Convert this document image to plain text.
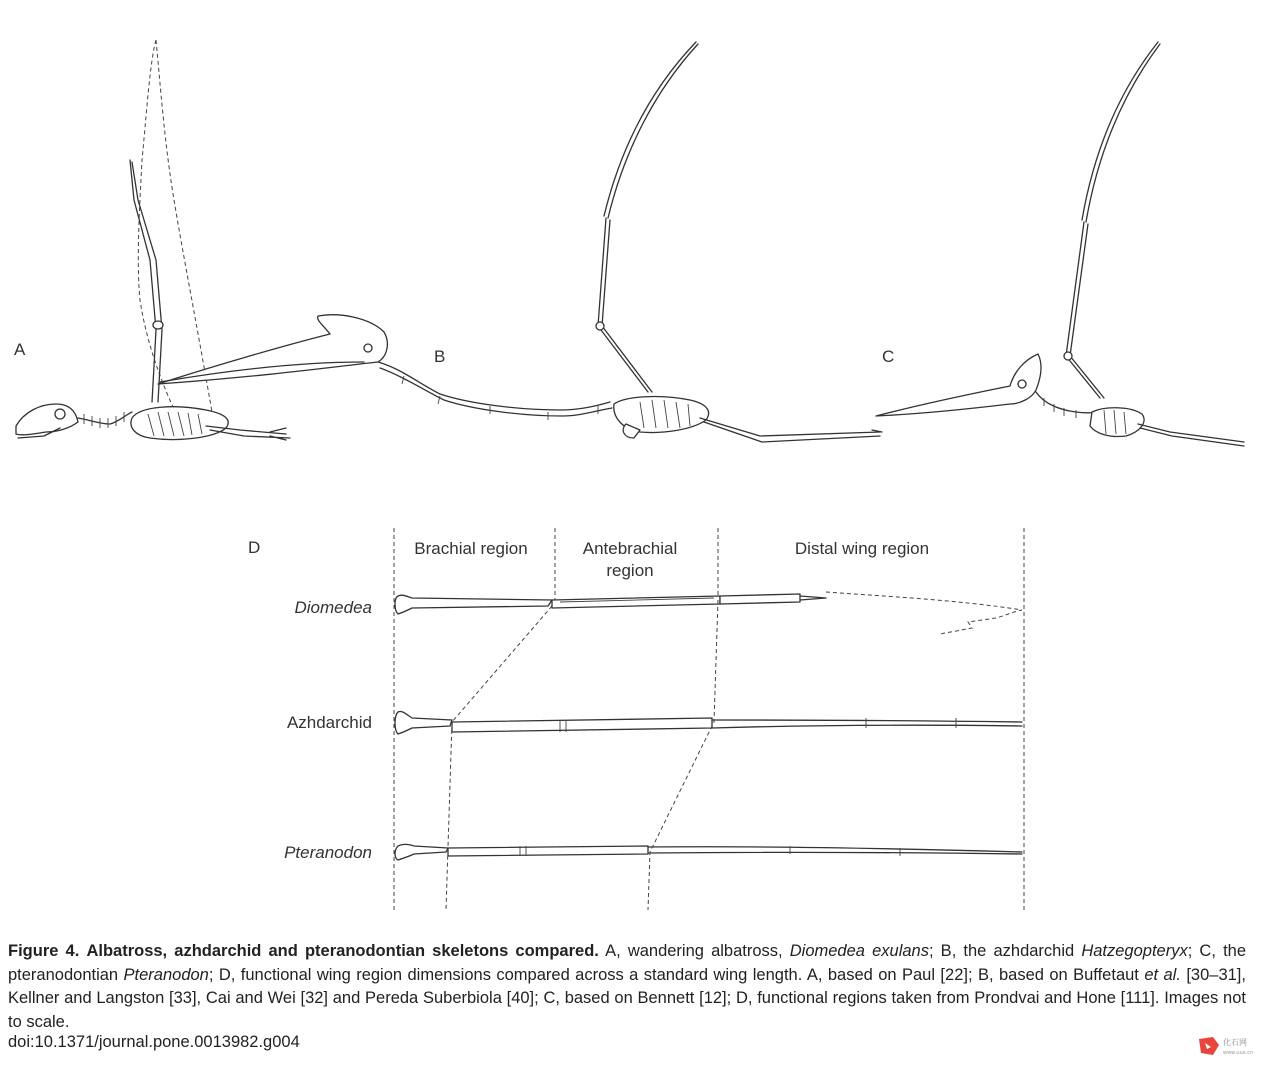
A	B	C
D	Brachial region	Antebrachial region
Distal wing region
Diomedea
Azhdarchid
Pteranodon
Figure 4. Albatross, azhdarchid and pteranodontian skeletons compared. A, wandering albatross, Diomedea exulans; B, the azhdarchid Hatzegopteryx; C, the pteranodontian Pteranodon; D, functional wing region dimensions compared across a standard wing length. A, based on Paul [22]; B, based on Buffetaut et al. [30–31], Kellner and Langston [33], Cai and Wei [32] and Pereda Suberbiola [40]; C, based on Bennett [12]; D, functional regions taken from Prondvai and Hone [111]. Images not to scale.
doi:10.1371/journal.pone.0013982.g004	化石网
www.uux.cn
